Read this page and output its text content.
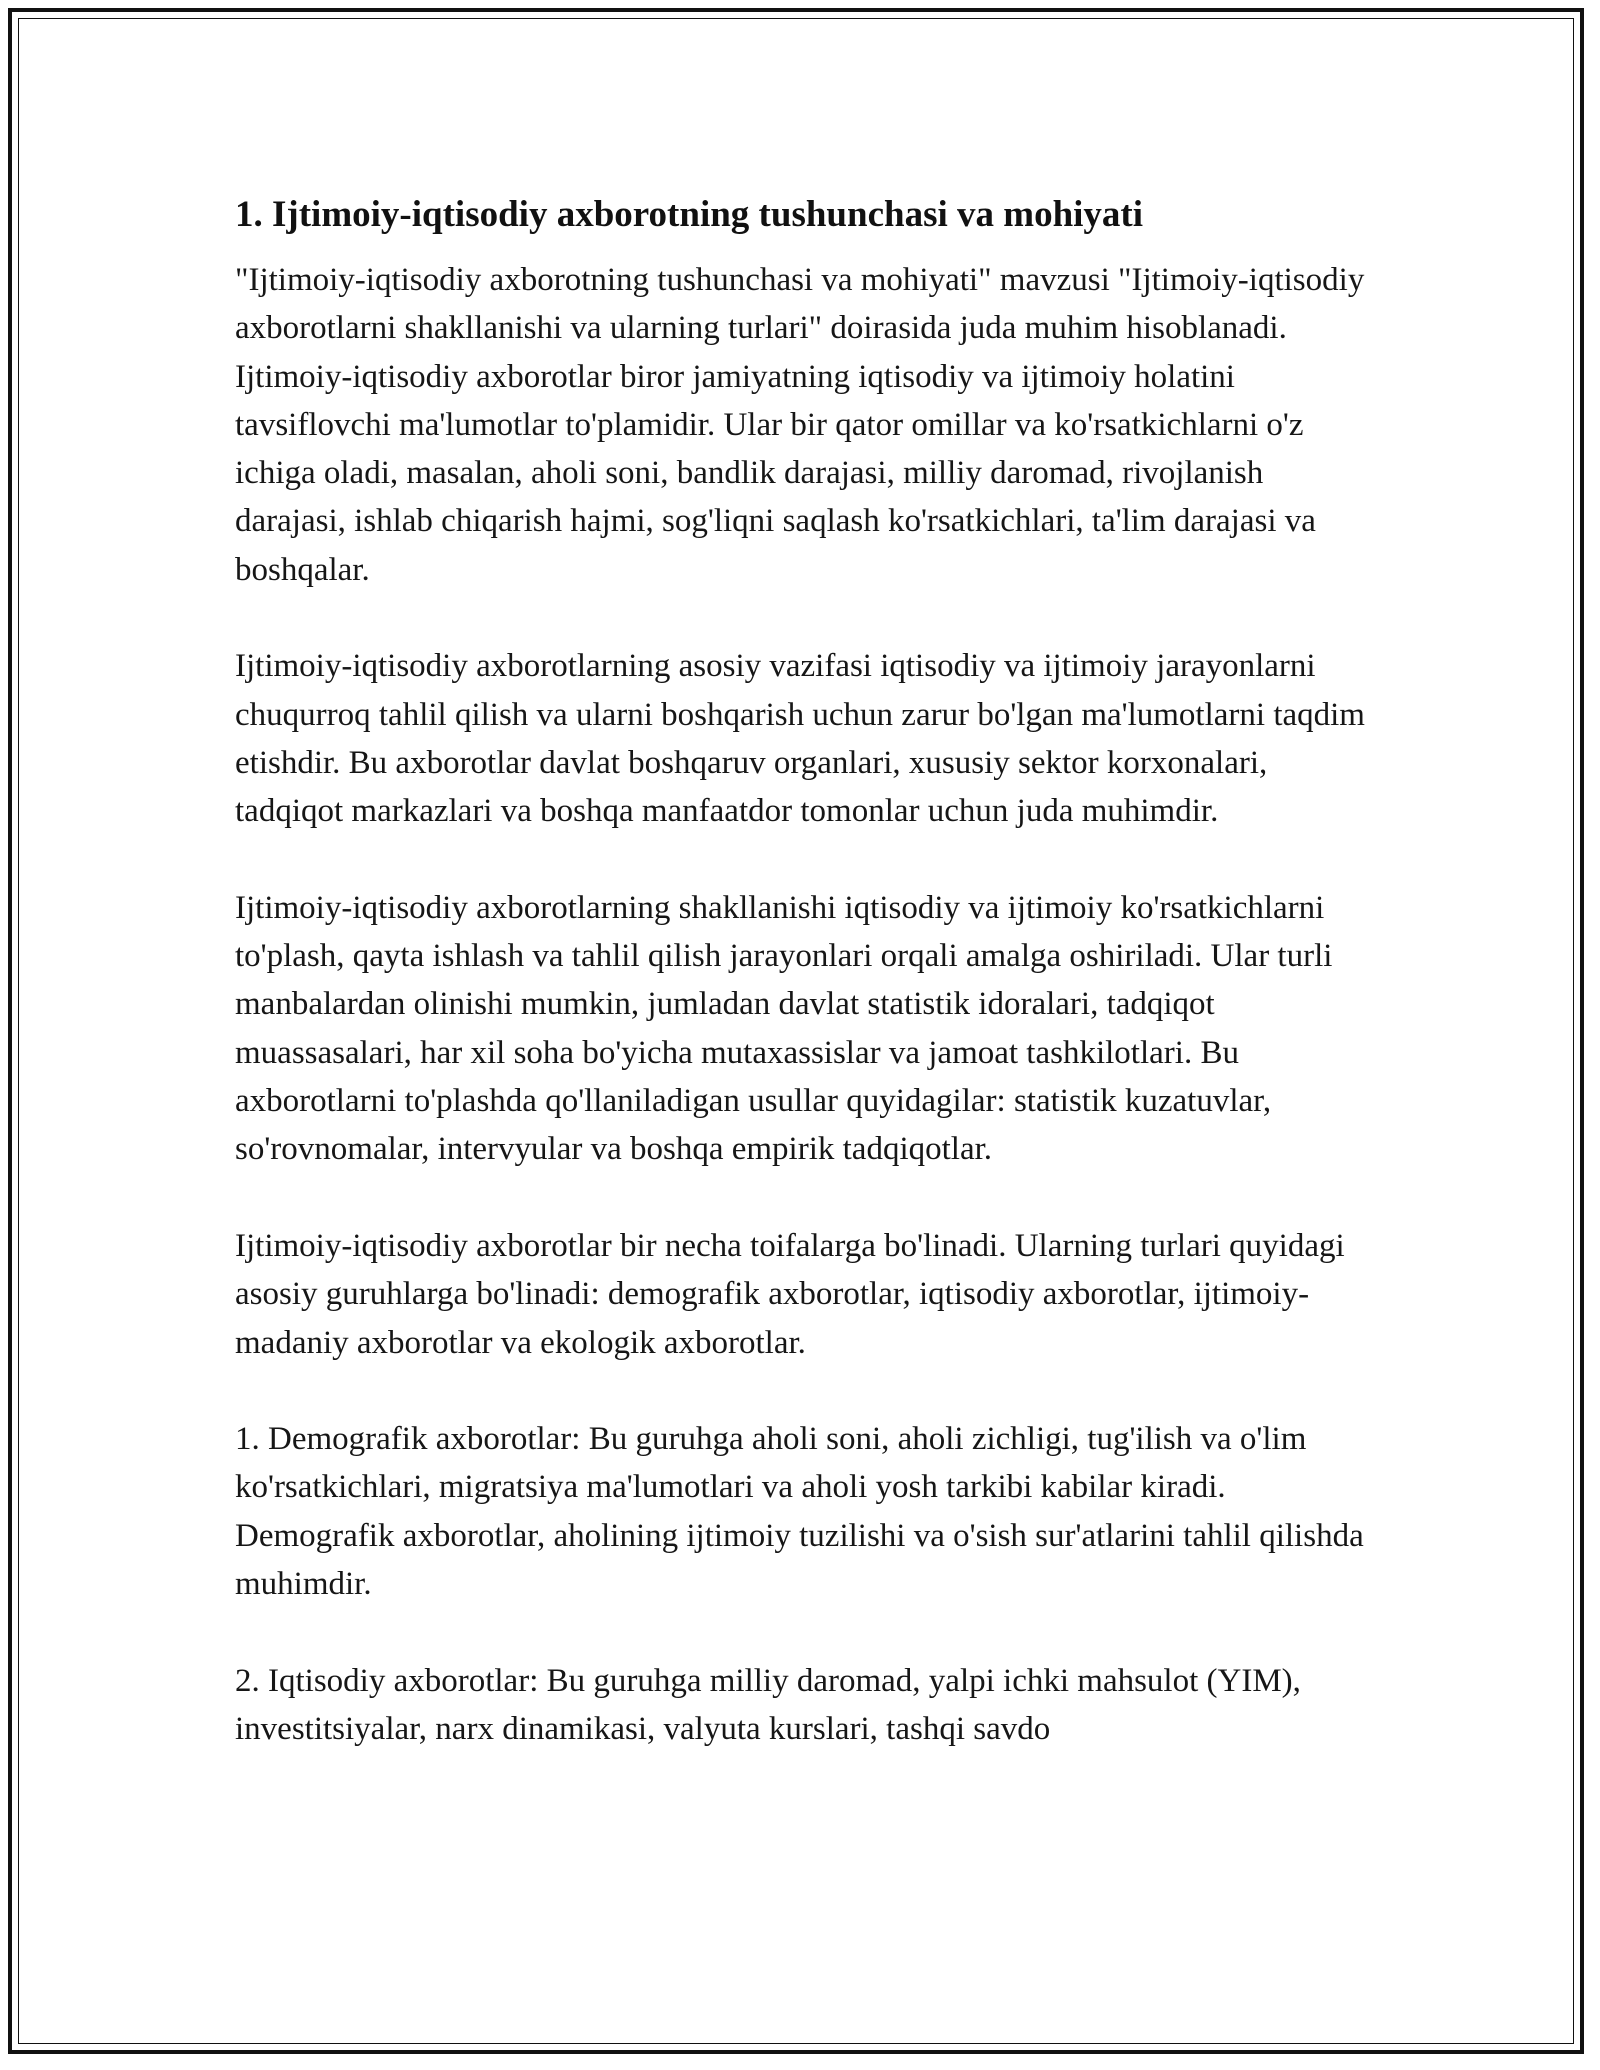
1. Ijtimoiy-iqtisodiy axborotning tushunchasi va mohiyati

"Ijtimoiy-iqtisodiy axborotning tushunchasi va mohiyati" mavzusi "Ijtimoiy-iqtisodiy axborotlarni shakllanishi va ularning turlari" doirasida juda muhim hisoblanadi. Ijtimoiy-iqtisodiy axborotlar biror jamiyatning iqtisodiy va ijtimoiy holatini tavsiflovchi ma'lumotlar to'plamidir. Ular bir qator omillar va ko'rsatkichlarni o'z ichiga oladi, masalan, aholi soni, bandlik darajasi, milliy daromad, rivojlanish darajasi, ishlab chiqarish hajmi, sog'liqni saqlash ko'rsatkichlari, ta'lim darajasi va boshqalar.

Ijtimoiy-iqtisodiy axborotlarning asosiy vazifasi iqtisodiy va ijtimoiy jarayonlarni chuqurroq tahlil qilish va ularni boshqarish uchun zarur bo'lgan ma'lumotlarni taqdim etishdir. Bu axborotlar davlat boshqaruv organlari, xususiy sektor korxonalari, tadqiqot markazlari va boshqa manfaatdor tomonlar uchun juda muhimdir.

Ijtimoiy-iqtisodiy axborotlarning shakllanishi iqtisodiy va ijtimoiy ko'rsatkichlarni to'plash, qayta ishlash va tahlil qilish jarayonlari orqali amalga oshiriladi. Ular turli manbalardan olinishi mumkin, jumladan davlat statistik idoralari, tadqiqot muassasalari, har xil soha bo'yicha mutaxassislar va jamoat tashkilotlari. Bu axborotlarni to'plashda qo'llaniladigan usullar quyidagilar: statistik kuzatuvlar, so'rovnomalar, intervyular va boshqa empirik tadqiqotlar.

Ijtimoiy-iqtisodiy axborotlar bir necha toifalarga bo'linadi. Ularning turlari quyidagi asosiy guruhlarga bo'linadi: demografik axborotlar, iqtisodiy axborotlar, ijtimoiy-madaniy axborotlar va ekologik axborotlar.

1. Demografik axborotlar: Bu guruhga aholi soni, aholi zichligi, tug'ilish va o'lim ko'rsatkichlari, migratsiya ma'lumotlari va aholi yosh tarkibi kabilar kiradi. Demografik axborotlar, aholining ijtimoiy tuzilishi va o'sish sur'atlarini tahlil qilishda muhimdir.

2. Iqtisodiy axborotlar: Bu guruhga milliy daromad, yalpi ichki mahsulot (YIM), investitsiyalar, narx dinamikasi, valyuta kurslari, tashqi savdo
